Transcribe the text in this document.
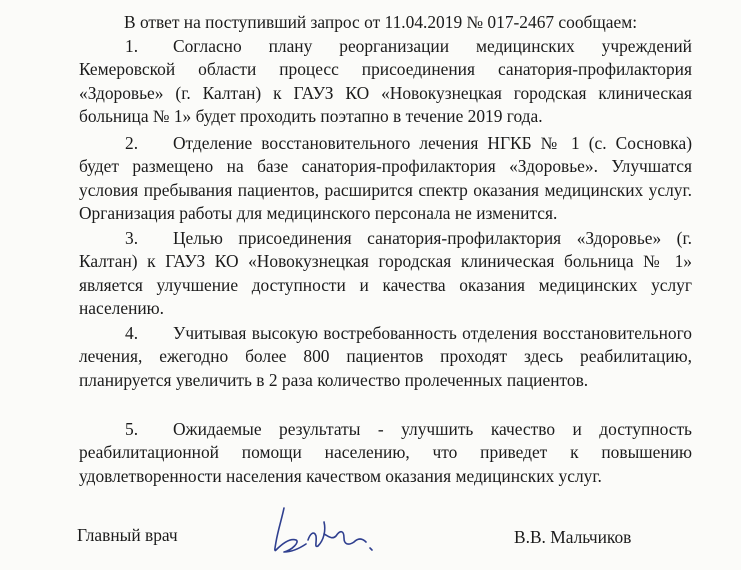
В ответ на поступивший запрос от 11.04.2019 № 017-2467 сообщаем:

1. Согласно плану реорганизации медицинских учреждений Кемеровской области процесс присоединения санатория-профилактория «Здоровье» (г. Калтан) к ГАУЗ КО «Новокузнецкая городская клиническая больница № 1» будет проходить поэтапно в течение 2019 года.

2. Отделение восстановительного лечения НГКБ № 1 (с. Сосновка) будет размещено на базе санатория-профилактория «Здоровье». Улучшатся условия пребывания пациентов, расширится спектр оказания медицинских услуг. Организация работы для медицинского персонала не изменится.

3. Целью присоединения санатория-профилактория «Здоровье» (г. Калтан) к ГАУЗ КО «Новокузнецкая городская клиническая больница № 1» является улучшение доступности и качества оказания медицинских услуг населению.

4. Учитывая высокую востребованность отделения восстановительного лечения, ежегодно более 800 пациентов проходят здесь реабилитацию, планируется увеличить в 2 раза количество пролеченных пациентов.

5. Ожидаемые результаты - улучшить качество и доступность реабилитационной помощи населению, что приведет к повышению удовлетворенности населения качеством оказания медицинских услуг.

Главный врач	В.В. Мальчиков
